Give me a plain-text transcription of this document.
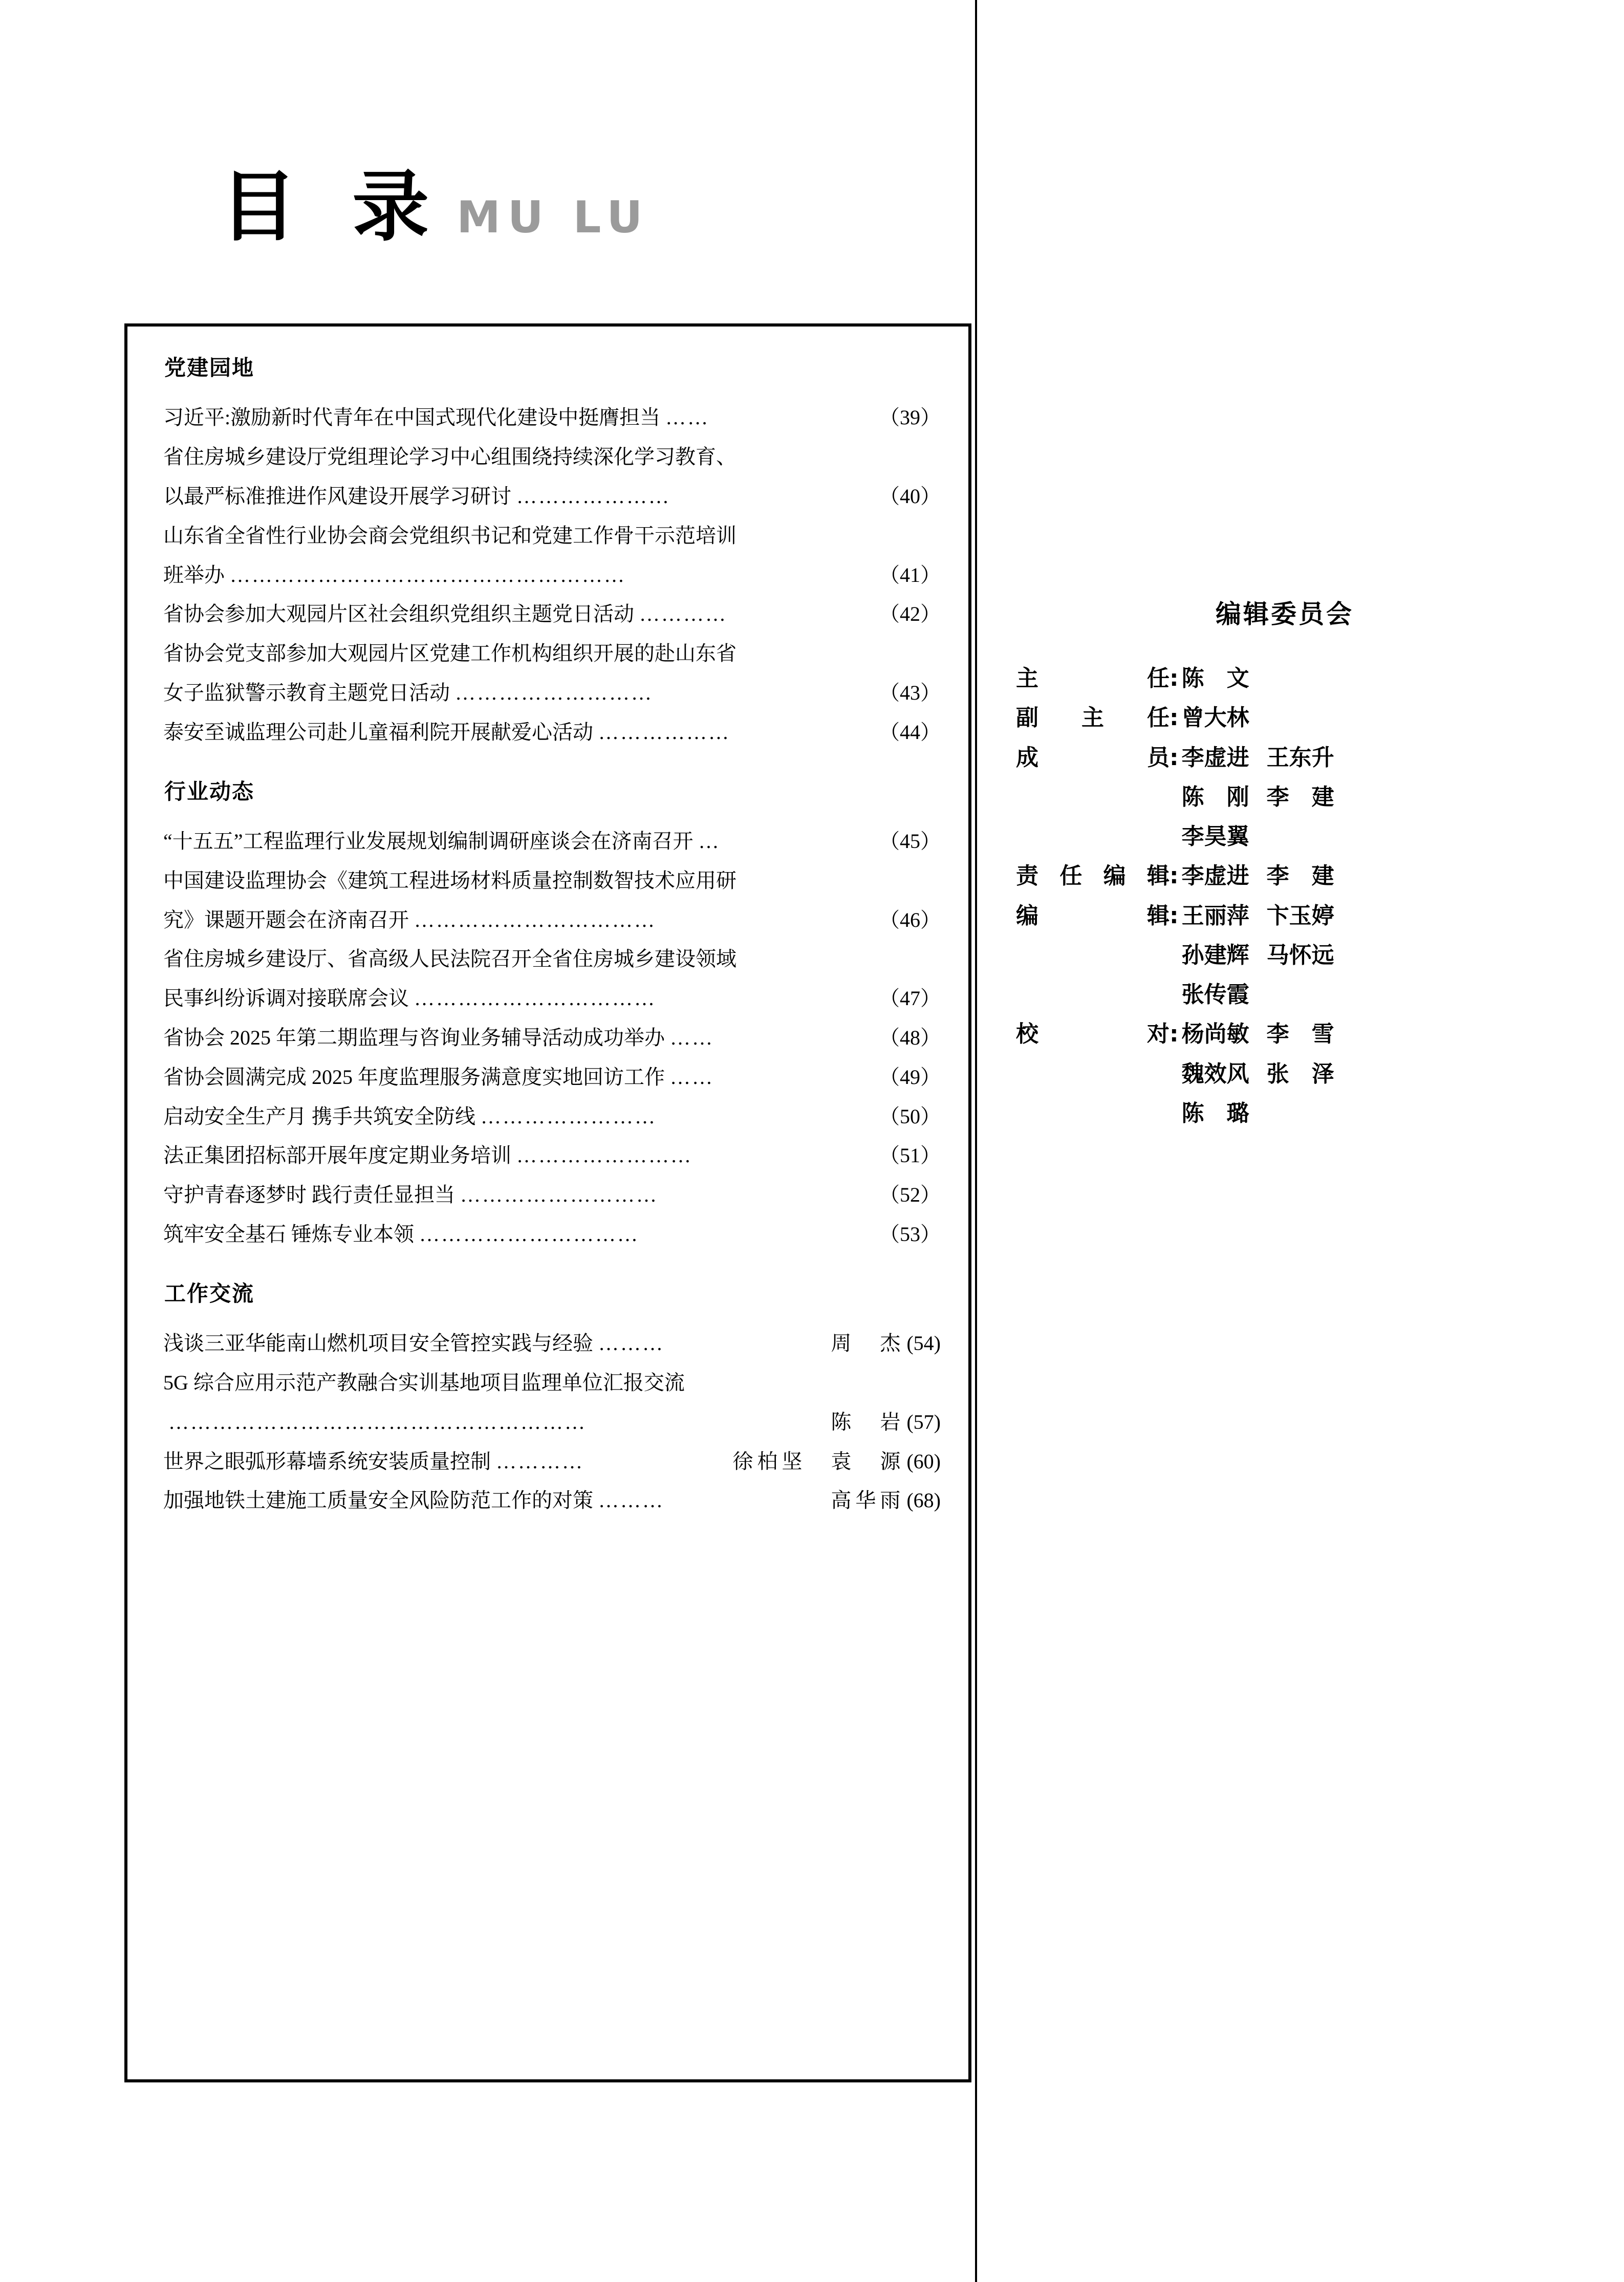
目 录 MU LU
党建园地
习近平:激励新时代青年在中国式现代化建设中挺膺担当 ……	（39）
省住房城乡建设厅党组理论学习中心组围绕持续深化学习教育、
以最严标准推进作风建设开展学习研讨 …………………	（40）
山东省全省性行业协会商会党组织书记和党建工作骨干示范培训
班举办 ………………………………………………	（41）
省协会参加大观园片区社会组织党组织主题党日活动 …………	（42）
省协会党支部参加大观园片区党建工作机构组织开展的赴山东省
女子监狱警示教育主题党日活动 ………………………	（43）
泰安至诚监理公司赴儿童福利院开展献爱心活动 ………………	（44）
行业动态
“十五五”工程监理行业发展规划编制调研座谈会在济南召开 …	（45）
中国建设监理协会《建筑工程进场材料质量控制数智技术应用研
究》课题开题会在济南召开 ……………………………	（46）
省住房城乡建设厅、省高级人民法院召开全省住房城乡建设领域
民事纠纷诉调对接联席会议 ……………………………	（47）
省协会 2025 年第二期监理与咨询业务辅导活动成功举办 ……	（48）
省协会圆满完成 2025 年度监理服务满意度实地回访工作 ……	（49）
启动安全生产月 携手共筑安全防线 ……………………	（50）
法正集团招标部开展年度定期业务培训 ……………………	（51）
守护青春逐梦时 践行责任显担当 ………………………	（52）
筑牢安全基石 锤炼专业本领 …………………………	（53）
工作交流
浅谈三亚华能南山燃机项目安全管控实践与经验 ………	周　杰 (54)
5G 综合应用示范产教融合实训基地项目监理单位汇报交流
…………………………………………………	陈　岩 (57)
世界之眼弧形幕墙系统安装质量控制 …………	徐柏坚　袁　源 (60)
加强地铁土建施工质量安全风险防范工作的对策 ………	高华雨 (68)
编辑委员会
主任 : 陈　文
副主任 : 曾大林
成员 : 李虚进 王东升
陈　刚 李　建
李昊翼
责任编辑 : 李虚进 李　建
编辑 : 王丽萍 卞玉婷
孙建辉 马怀远
张传霞
校对 : 杨尚敏 李　雪
魏效风 张　泽
陈　璐
